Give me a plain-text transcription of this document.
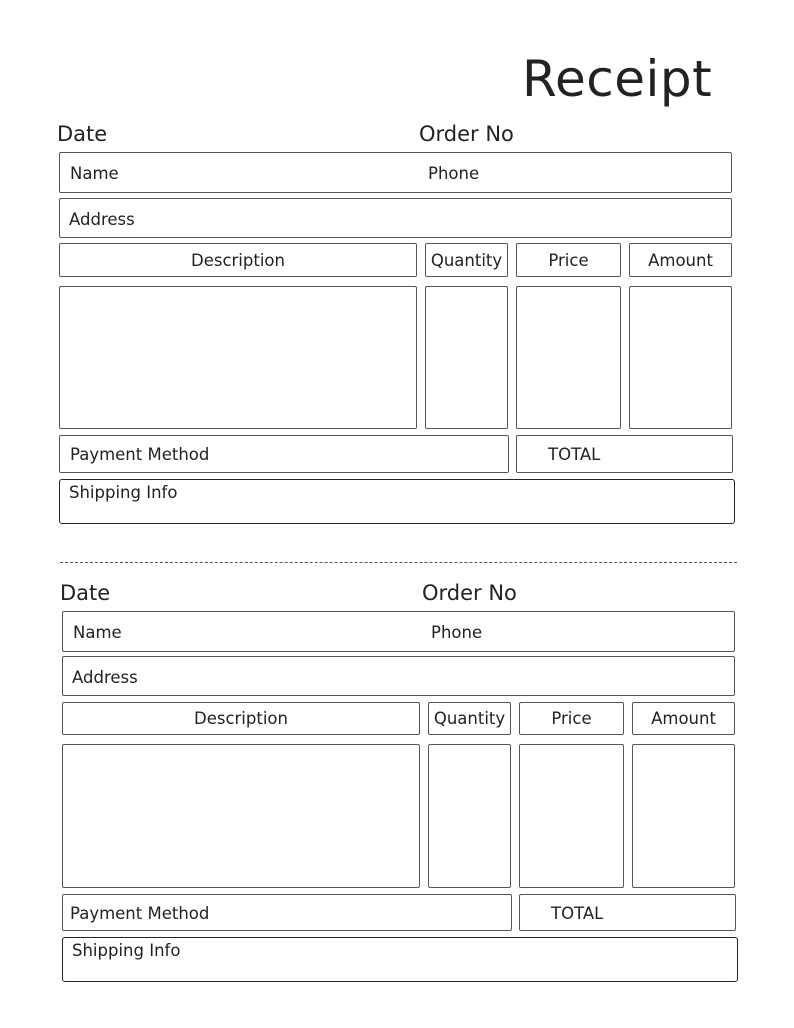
Receipt
Date	Order No
Name	Phone
Address
Description	Quantity	Price	Amount
Payment Method	TOTAL
Shipping Info
Date	Order No
Name	Phone
Address
Description	Quantity	Price	Amount
Payment Method	TOTAL
Shipping Info
